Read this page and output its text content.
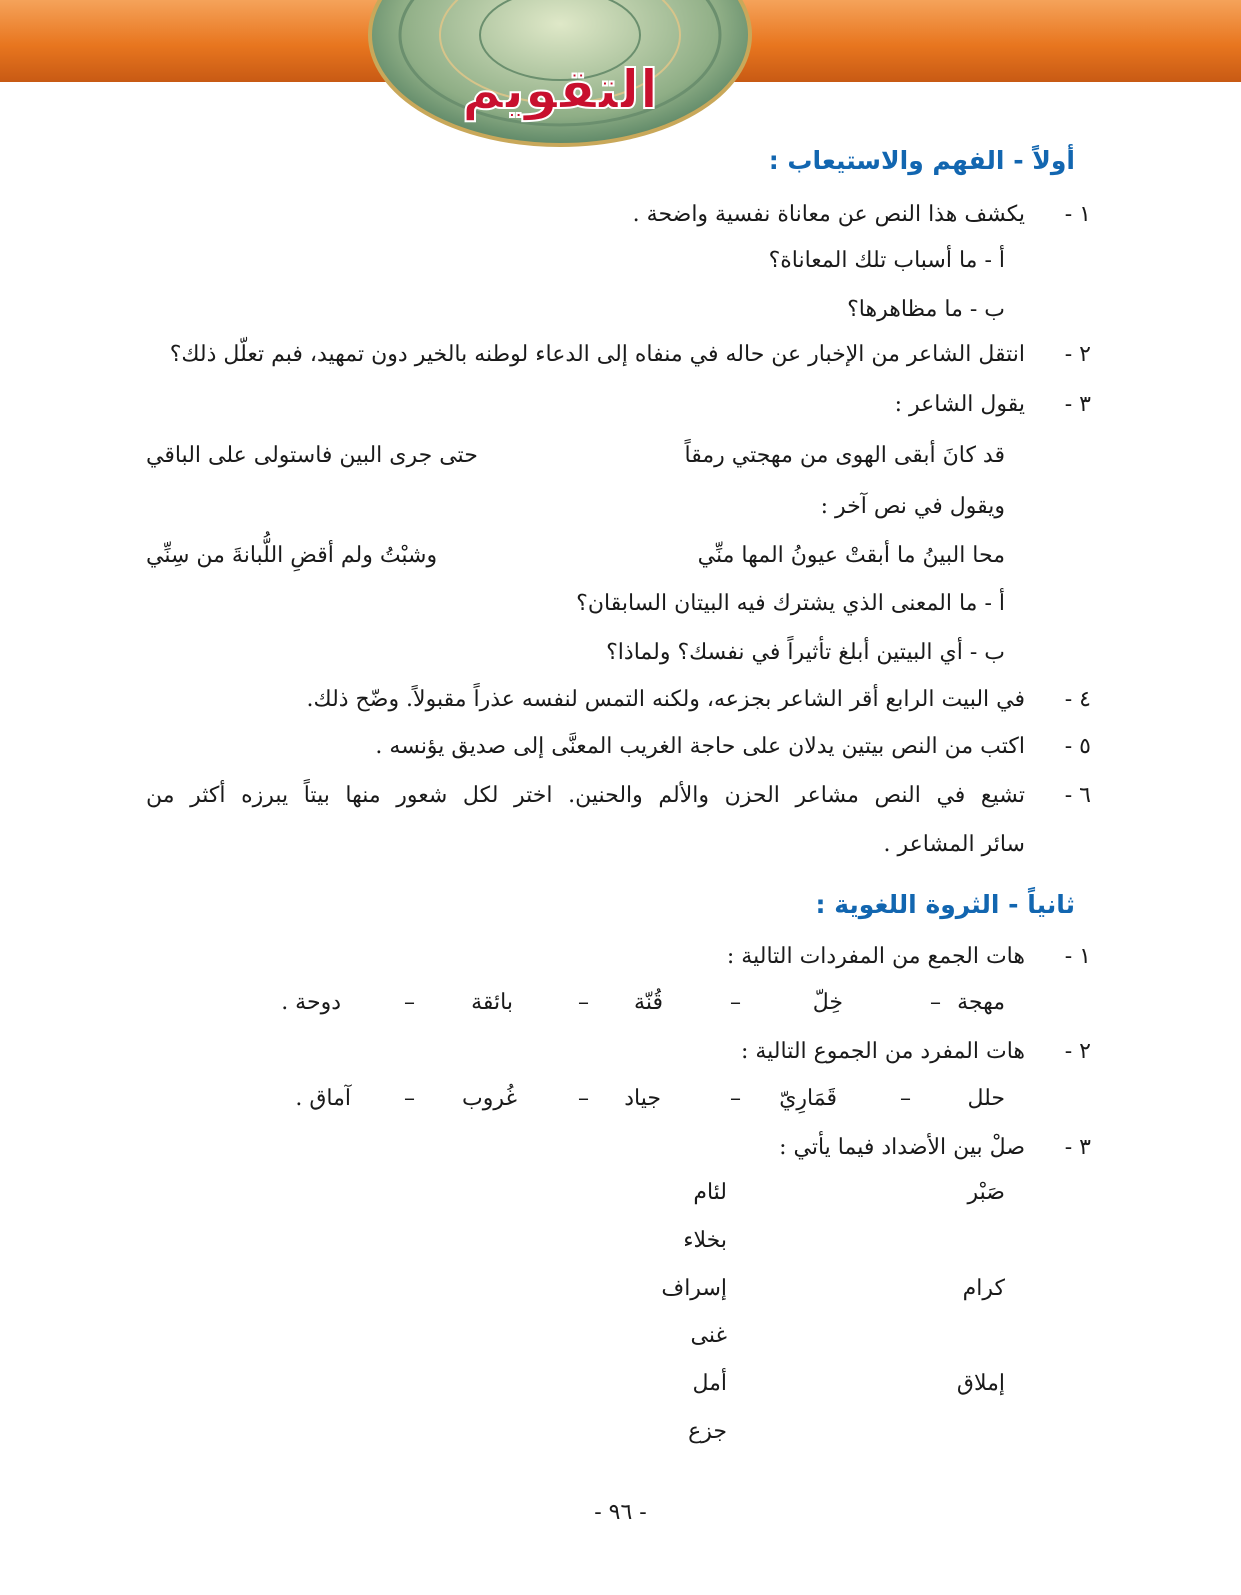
التقويم
أولاً - الفهم والاستيعاب :
١ -
يكشف هذا النص عن معاناة نفسية واضحة .
أ - ما أسباب تلك المعاناة؟
ب - ما مظاهرها؟
٢ -
انتقل الشاعر من الإخبار عن حاله في منفاه إلى الدعاء لوطنه بالخير دون تمهيد، فبم تعلّل ذلك؟
٣ -
يقول الشاعر :
قد كانَ أبقى الهوى من مهجتي رمقاً
حتى جرى البين فاستولى على الباقي
ويقول في نص آخر :
محا البينُ ما أبقتْ عيونُ المها منِّي
وشبْتُ ولم أقضِ اللُّبانةَ من سِنِّي
أ - ما المعنى الذي يشترك فيه البيتان السابقان؟
ب - أي البيتين أبلغ تأثيراً في نفسك؟ ولماذا؟
٤ -
في البيت الرابع أقر الشاعر بجزعه، ولكنه التمس لنفسه عذراً مقبولاً. وضّح ذلك.
٥ -
اكتب من النص بيتين يدلان على حاجة الغريب المعنَّى إلى صديق يؤنسه .
٦ -
تشيع في النص مشاعر الحزن والألم والحنين. اختر لكل شعور منها بيتاً يبرزه أكثر من
سائر المشاعر .
ثانياً - الثروة اللغوية :
١ -
هات الجمع من المفردات التالية :
مهجة
–
خِلّ
–
قُنّة
–
بائقة
–
دوحة .
٢ -
هات المفرد من الجموع التالية :
حلل
–
قَمَارِيّ
–
جياد
–
غُروب
–
آماق .
٣ -
صلْ بين الأضداد فيما يأتي :
صَبْر
كرام
إملاق
لئام
بخلاء
إسراف
غنى
أمل
جزع
- ٩٦ -
